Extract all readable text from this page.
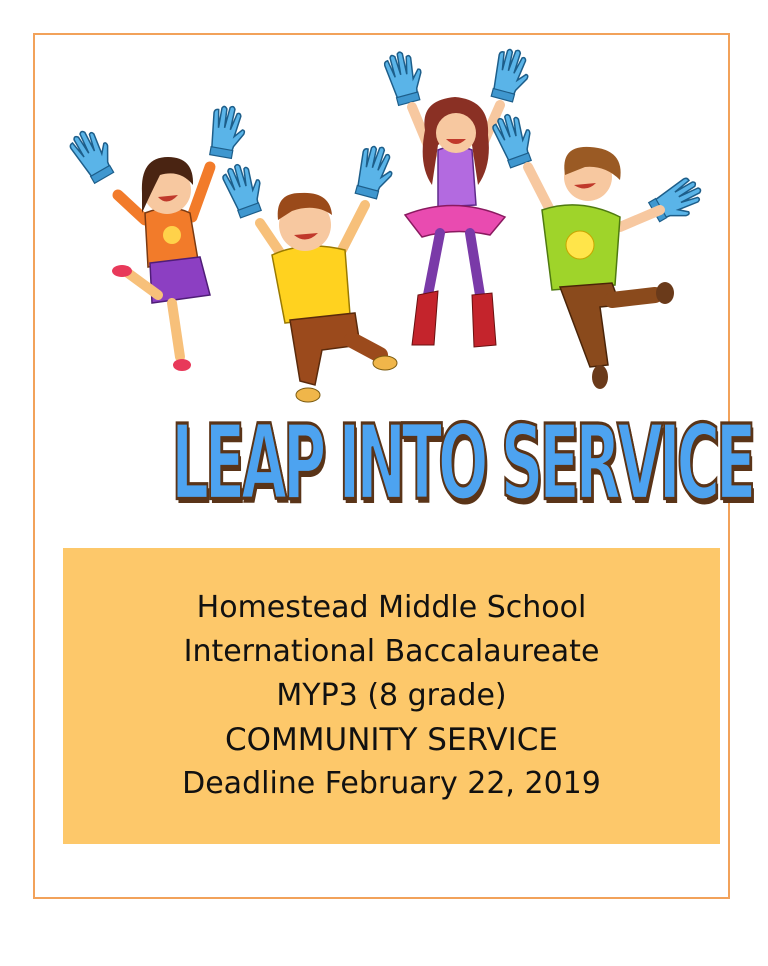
LEAP INTO SERVICE
Homestead Middle School
International Baccalaureate
MYP3 (8 grade)
COMMUNITY SERVICE
Deadline February 22, 2019
